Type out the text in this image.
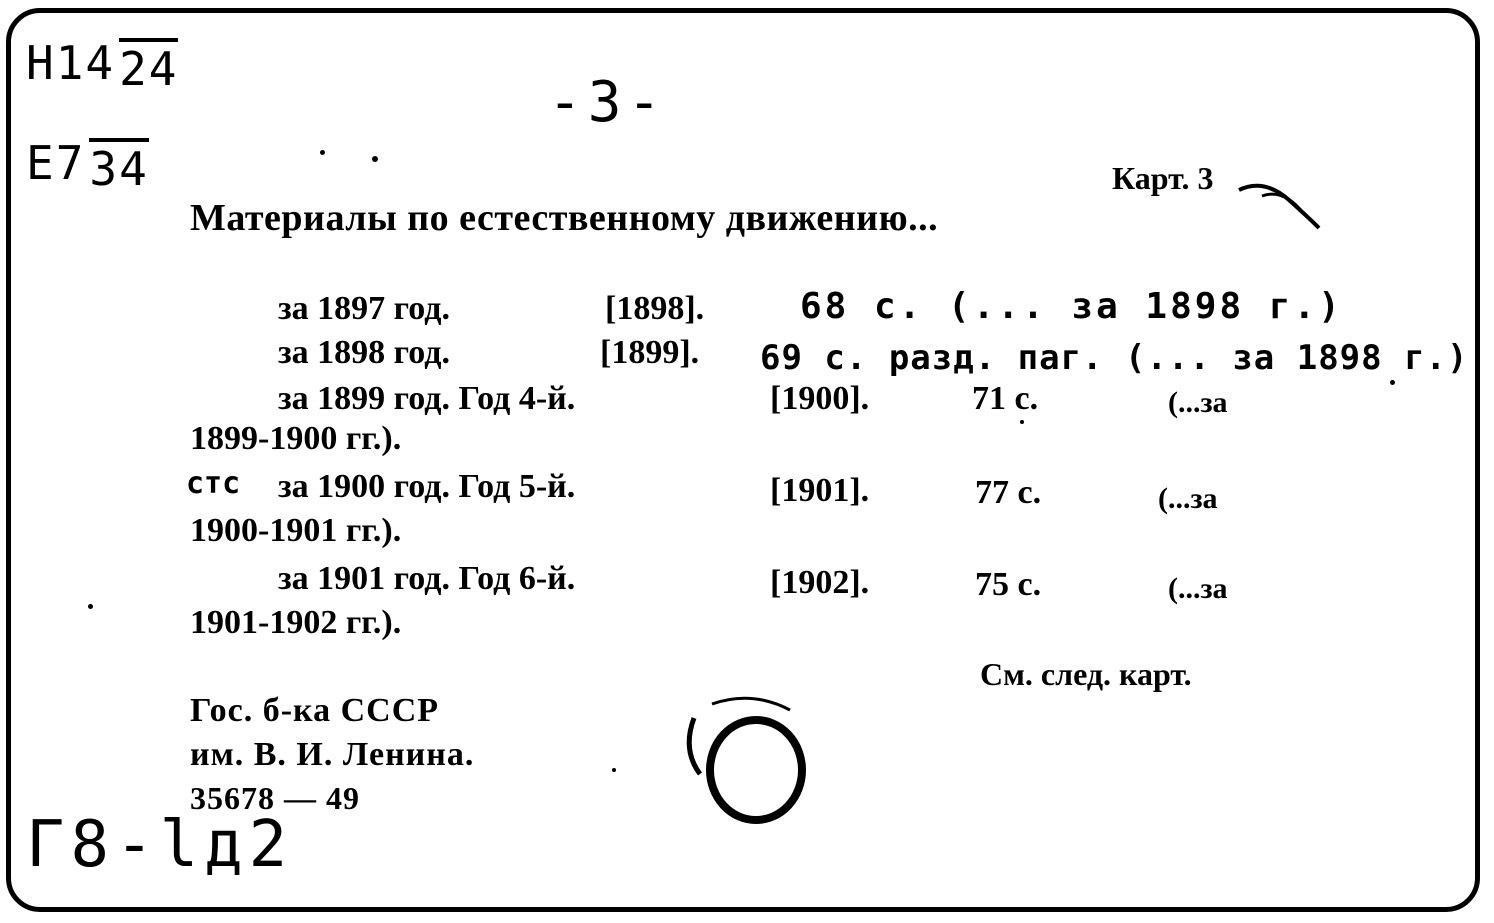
Н14
24
Е7
34
-3-
Карт. 3
Материалы по естественному движению...
за 1897 год.	[1898].	68 с. (... за 1898 г.)
за 1898 год.	[1899]. 69 с. разд. паг. (... за 1898 г.)
за 1899 год. Год 4-й.	[1900].	71 с.	(...за
1899-1900 гг.).
стс за 1900 год. Год 5-й.	[1901].	77 с.	(...за
1900-1901 гг.).
за 1901 год. Год 6-й.	[1902].	75 с.	(...за
1901-1902 гг.).
См. след. карт.
Гос. б-ка СССР
им. В. И. Ленина.
35678 — 49
Г8-lд2
